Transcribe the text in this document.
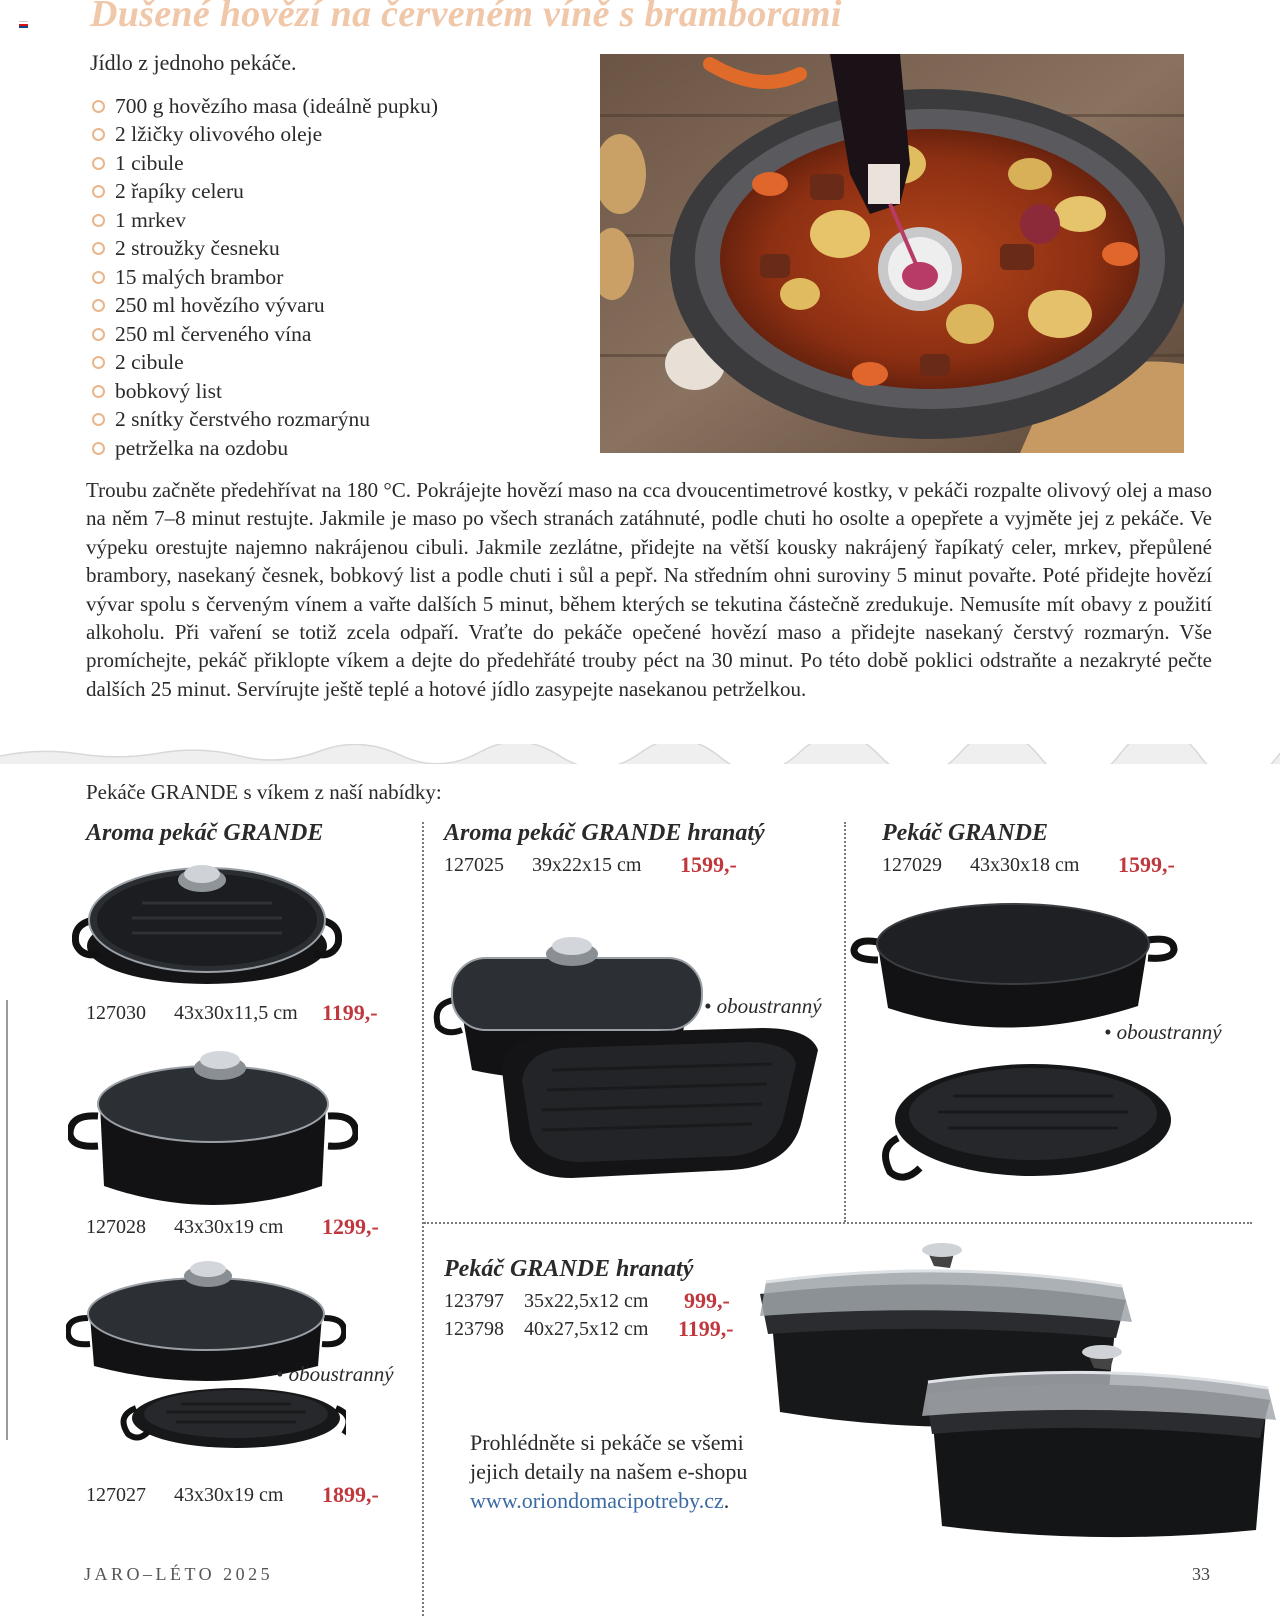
Dušené hovězí na červeném víně s bramborami
Jídlo z jednoho pekáče.
700 g hovězího masa (ideálně pupku)
2 lžičky olivového oleje
1 cibule
2 řapíky celeru
1 mrkev
2 stroužky česneku
15 malých brambor
250 ml hovězího vývaru
250 ml červeného vína
2 cibule
bobkový list
2 snítky čerstvého rozmarýnu
petrželka na ozdobu
Troubu začněte předehřívat na 180 °C. Pokrájejte hovězí maso na cca dvoucentimetrové kostky, v pekáči rozpalte olivový olej a maso na něm 7–8 minut restujte. Jakmile je maso po všech stranách zatáhnuté, podle chuti ho osolte a opepřete a vyjměte jej z pekáče. Ve výpeku orestujte najemno nakrájenou cibuli. Jakmile zezlátne, přidejte na větší kousky nakrájený řapíkatý celer, mrkev, přepůlené brambory, nasekaný česnek, bobkový list a podle chuti i sůl a pepř. Na středním ohni suroviny 5 minut povařte. Poté přidejte hovězí vývar spolu s červeným vínem a vařte dalších 5 minut, během kterých se tekutina částečně zredukuje. Nemusíte mít obavy z použití alkoholu. Při vaření se totiž zcela odpaří. Vraťte do pekáče opečené hovězí maso a přidejte nasekaný čerstvý rozmarýn. Vše promíchejte, pekáč přiklopte víkem a dejte do předehřáté trouby péct na 30 minut. Po této době poklici odstraňte a nezakryté pečte dalších 25 minut. Servírujte ještě teplé a hotové jídlo zasypejte nasekanou petrželkou.
Pekáče GRANDE s víkem z naší nabídky:
Aroma pekáč GRANDE
127030 43x30x11,5 cm 1199,-
127028 43x30x19 cm 1299,-
• oboustranný
127027 43x30x19 cm 1899,-
Aroma pekáč GRANDE hranatý
127025 39x22x15 cm 1599,-
• oboustranný
Pekáč GRANDE
127029 43x30x18 cm 1599,-
• oboustranný
Pekáč GRANDE hranatý
123797 35x22,5x12 cm 999,-
123798 40x27,5x12 cm 1199,-
Prohlédněte si pekáče se všemi
jejich detaily na našem e-shopu
www.oriondomacipotreby.cz.
JARO–LÉTO 2025	33
